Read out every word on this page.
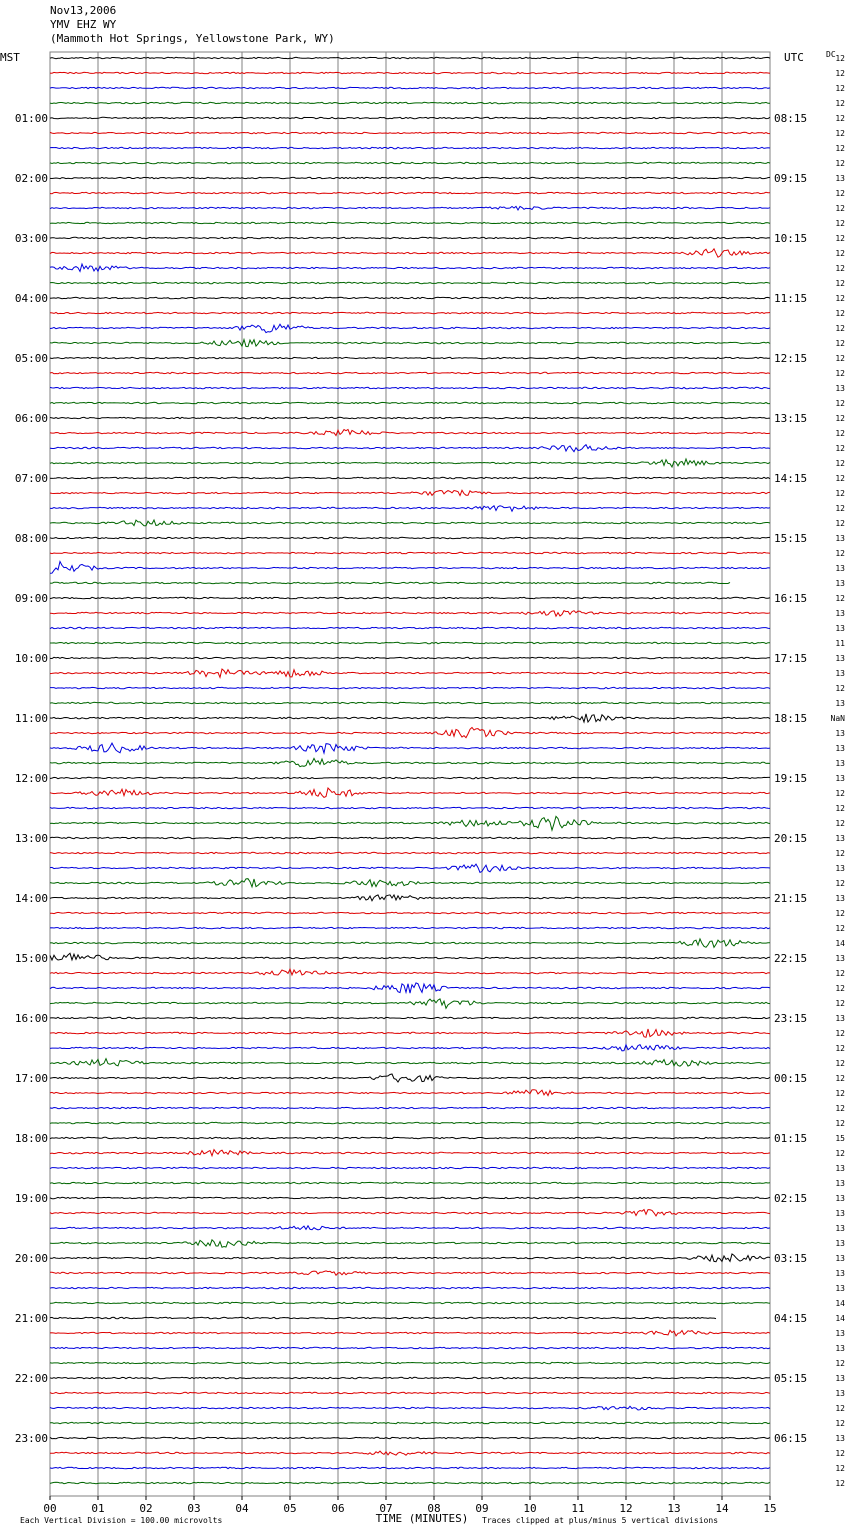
Nov13,2006
YMV EHZ WY
(Mammoth Hot Springs, Yellowstone Park, WY)
12
12
12
12
12
12
12
12
13
12
12
12
12
12
12
12
12
12
12
12
12
12
13
12
12
12
12
12
12
12
12
12
13
12
13
13
12
13
13
11
13
13
12
13
NaN
13
13
13
13
12
12
12
13
12
13
12
13
12
12
14
13
12
12
12
13
12
12
12
12
12
12
12
15
12
13
13
13
13
13
13
13
13
13
14
14
13
13
12
13
13
12
12
13
12
12
12
MST	UTC	DC
01:00
02:00
03:00
04:00
05:00
06:00
07:00
08:00
09:00
10:00
11:00
12:00
13:00
14:00
15:00
16:00
17:00
18:00
19:00
20:00
21:00
22:00
23:00
08:15
09:15
10:15
11:15
12:15
13:15
14:15
15:15
16:15
17:15
18:15
19:15
20:15
21:15
22:15
23:15
00:15
01:15
02:15
03:15
04:15
05:15
06:15
00	01	02	03	04	05	06	07	08	09	10	11	12	13	14	15
TIME (MINUTES)
Each Vertical Division = 100.00 microvolts	Traces clipped at plus/minus 5 vertical divisions
